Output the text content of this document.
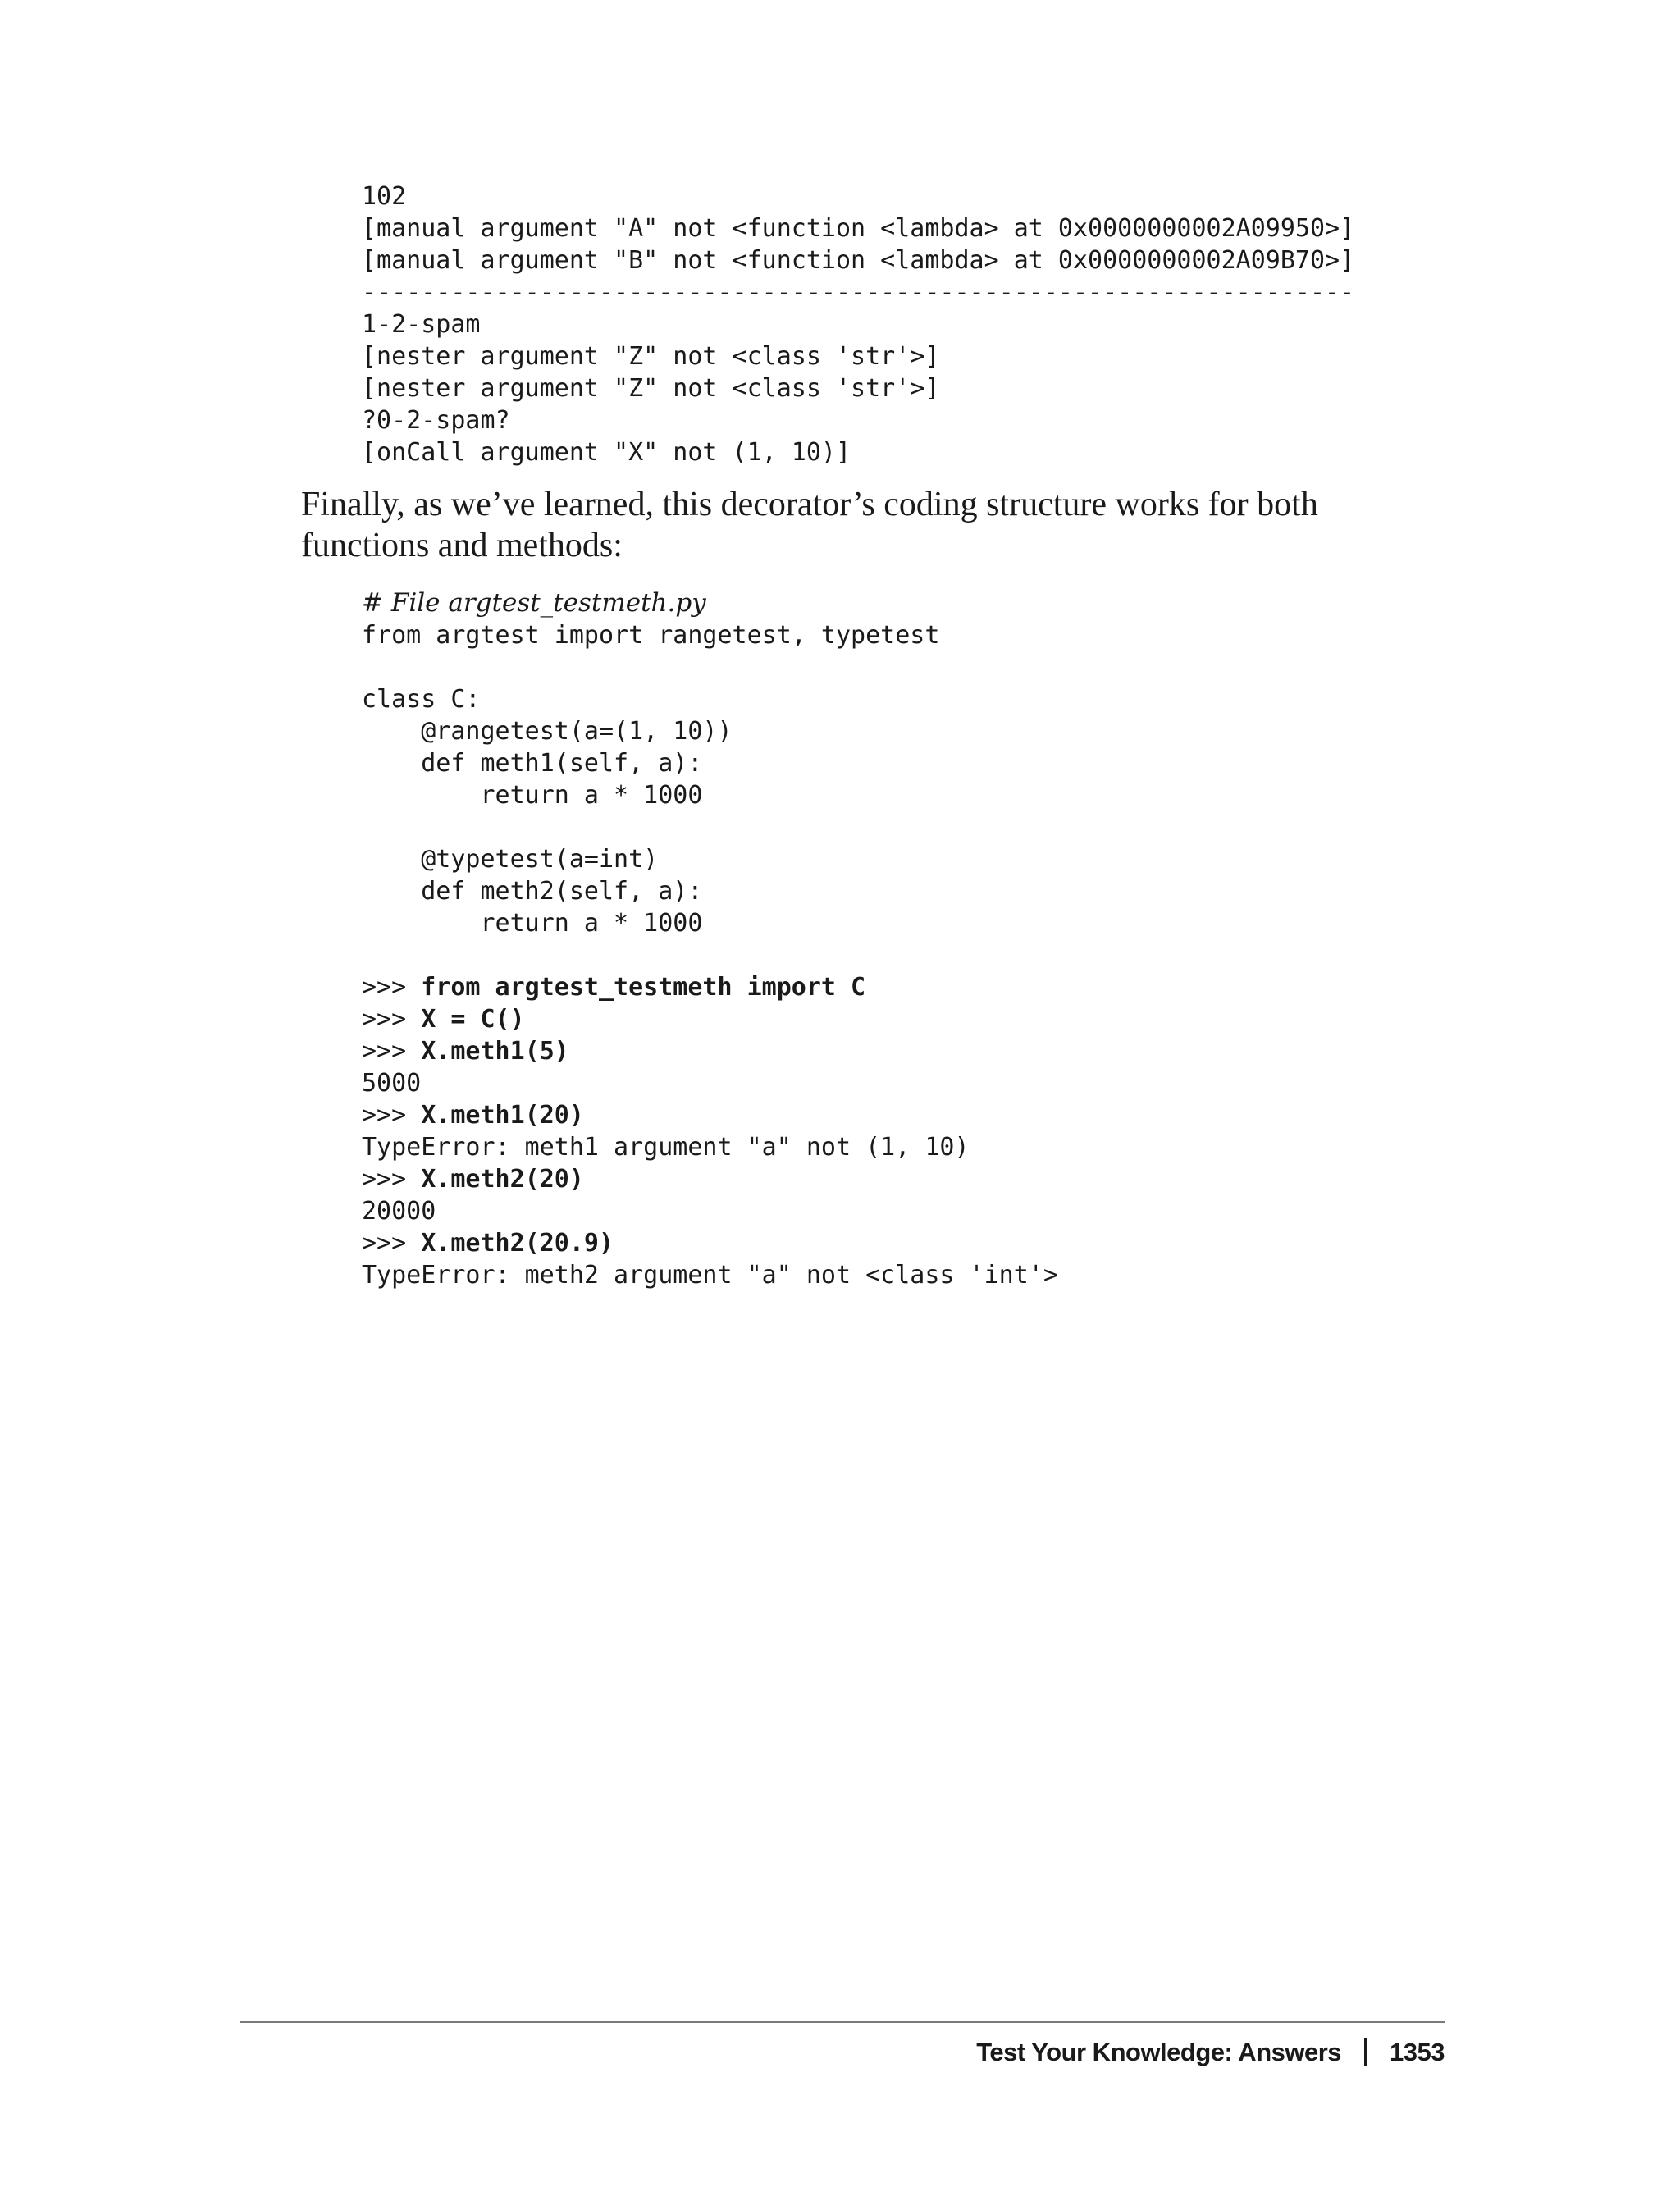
102
[manual argument "A" not <function <lambda> at 0x0000000002A09950>]
[manual argument "B" not <function <lambda> at 0x0000000002A09B70>]
-------------------------------------------------------------------
1-2-spam
[nester argument "Z" not <class 'str'>]
[nester argument "Z" not <class 'str'>]
?0-2-spam?
[onCall argument "X" not (1, 10)]

Finally, as we’ve learned, this decorator’s coding structure works for both functions and methods:

# File argtest_testmeth.py
from argtest import rangetest, typetest
class C:
@rangetest(a=(1, 10))
def meth1(self, a):
return a * 1000
@typetest(a=int)
def meth2(self, a):
return a * 1000
>>> from argtest_testmeth import C
>>> X = C()
>>> X.meth1(5)
5000
>>> X.meth1(20)
TypeError: meth1 argument "a" not (1, 10)
>>> X.meth2(20)
20000
>>> X.meth2(20.9)
TypeError: meth2 argument "a" not <class 'int'>
Test Your Knowledge: Answers 1353
